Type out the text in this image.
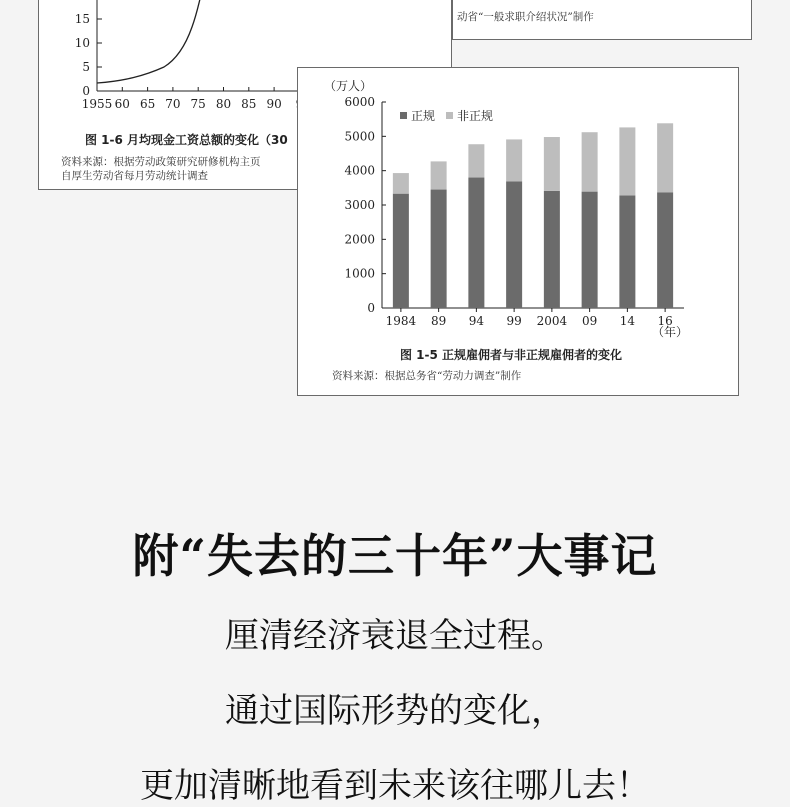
15
10
5
0
1955 60 65 70 75 80 85 90
图 1-6 月均现金工资总额的变化（30
资料来源：根据劳动政策研究研修机构主页
自厚生劳动省每月劳动统计调查
动省“一般求职介绍状况”制作
（万人）
0
1000
2000
3000
4000
5000
6000
1984 89 94 99 2004 09 14 16
正规 非正规
（年）
图 1-5 正规雇佣者与非正规雇佣者的变化
资料来源：根据总务省“劳动力调查”制作
附“失去的三十年”大事记
厘清经济衰退全过程。
通过国际形势的变化，
更加清晰地看到未来该往哪儿去！
